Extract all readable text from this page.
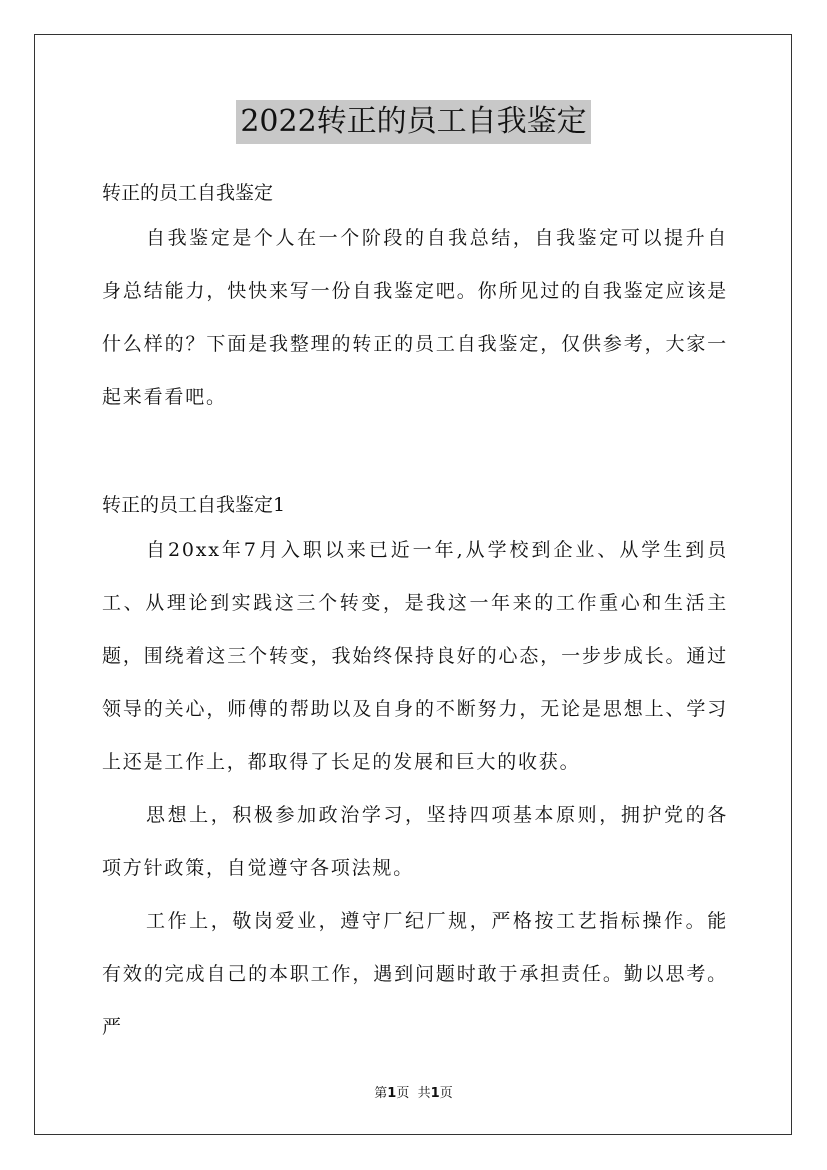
2022转正的员工自我鉴定

转正的员工自我鉴定

自我鉴定是个人在一个阶段的自我总结，自我鉴定可以提升自身总结能力，快快来写一份自我鉴定吧。你所见过的自我鉴定应该是什么样的？下面是我整理的转正的员工自我鉴定，仅供参考，大家一起来看看吧。

转正的员工自我鉴定1

自20xx年7月入职以来已近一年,从学校到企业、从学生到员工、从理论到实践这三个转变，是我这一年来的工作重心和生活主题，围绕着这三个转变，我始终保持良好的心态，一步步成长。通过领导的关心，师傅的帮助以及自身的不断努力，无论是思想上、学习上还是工作上，都取得了长足的发展和巨大的收获。

思想上，积极参加政治学习，坚持四项基本原则，拥护党的各项方针政策，自觉遵守各项法规。

工作上，敬岗爱业，遵守厂纪厂规，严格按工艺指标操作。能有效的完成自己的本职工作，遇到问题时敢于承担责任。勤以思考。严

第1页 共1页
